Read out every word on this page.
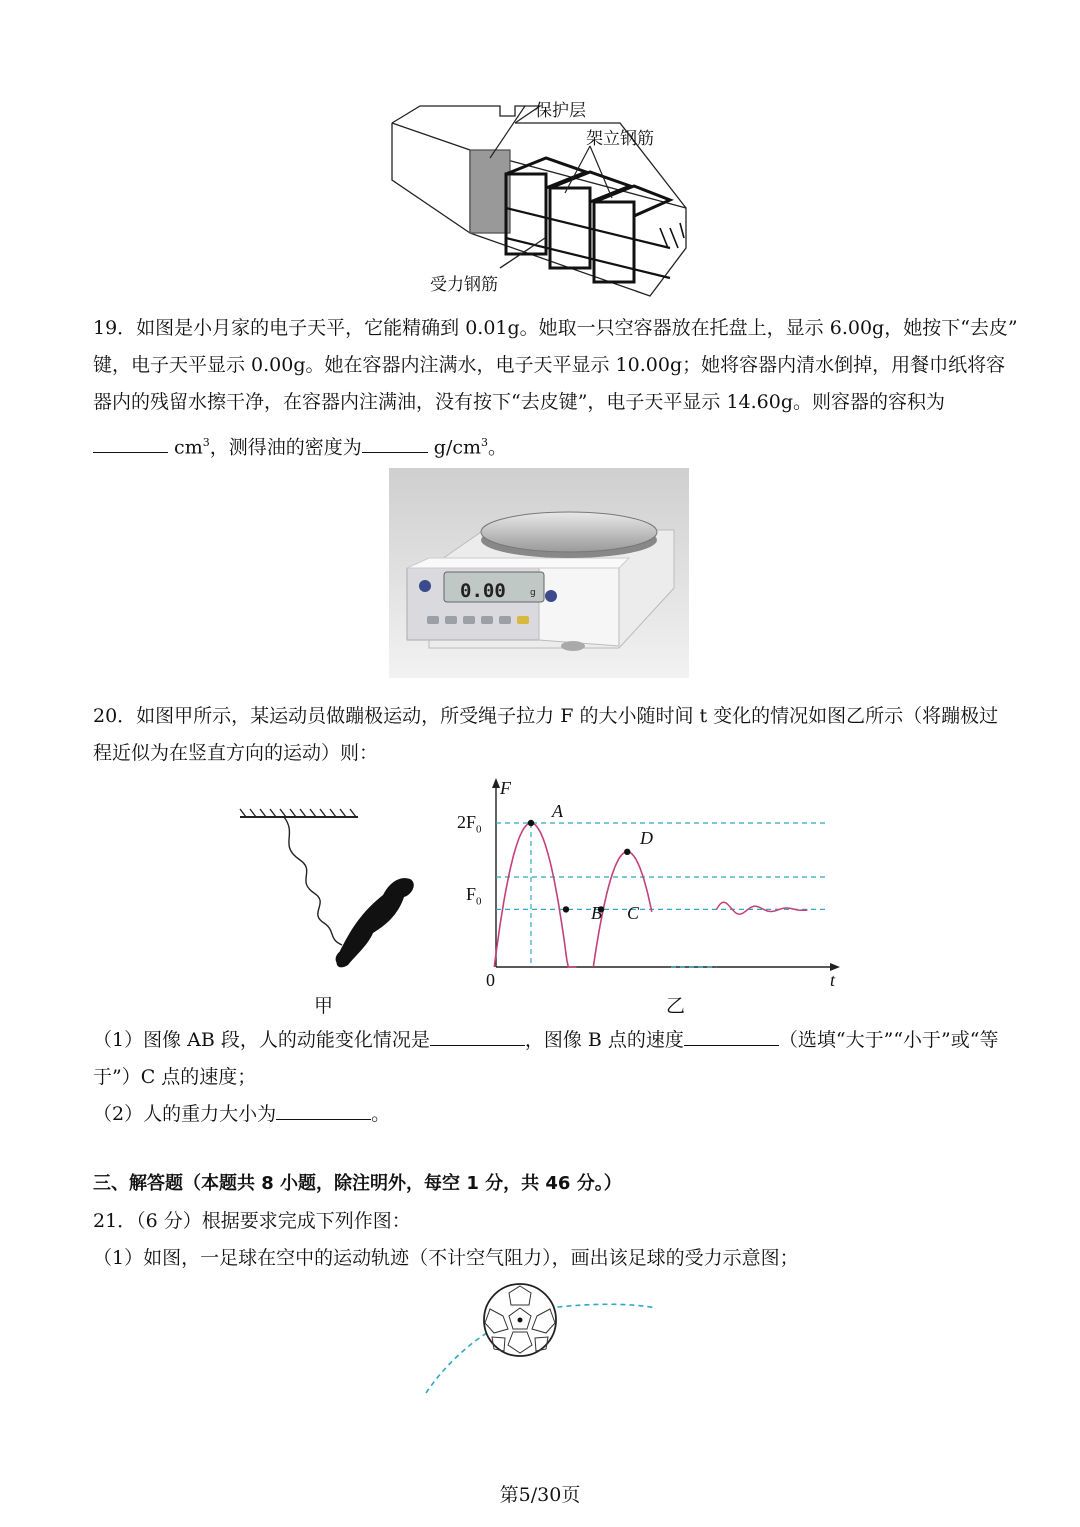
保护层
架立钢筋
受力钢筋
19．如图是小月家的电子天平，它能精确到 0.01g。她取一只空容器放在托盘上，显示 6.00g，她按下“去皮”
键，电子天平显示 0.00g。她在容器内注满水，电子天平显示 10.00g；她将容器内清水倒掉，用餐巾纸将容
器内的残留水擦干净，在容器内注满油，没有按下“去皮键”，电子天平显示 14.60g。则容器的容积为
$cm^3$，测得油的密度为	$g/cm^3$。
0.00	g
20．如图甲所示，某运动员做蹦极运动，所受绳子拉力 F 的大小随时间 t 变化的情况如图乙所示（将蹦极过
程近似为在竖直方向的运动）则：
甲
F
t
0
$2F_0$
$F_0$
A
B C
D
乙
（1）图像 AB 段，人的动能变化情况是	，图像 B 点的速度	（选填“大于”“小于”或“等
于”）C 点的速度；
（2）人的重力大小为	。
三、解答题（本题共 8 小题，除注明外，每空 1 分，共 46 分。）
21．（6 分）根据要求完成下列作图：
（1）如图，一足球在空中的运动轨迹（不计空气阻力），画出该足球的受力示意图；
第5/30页
